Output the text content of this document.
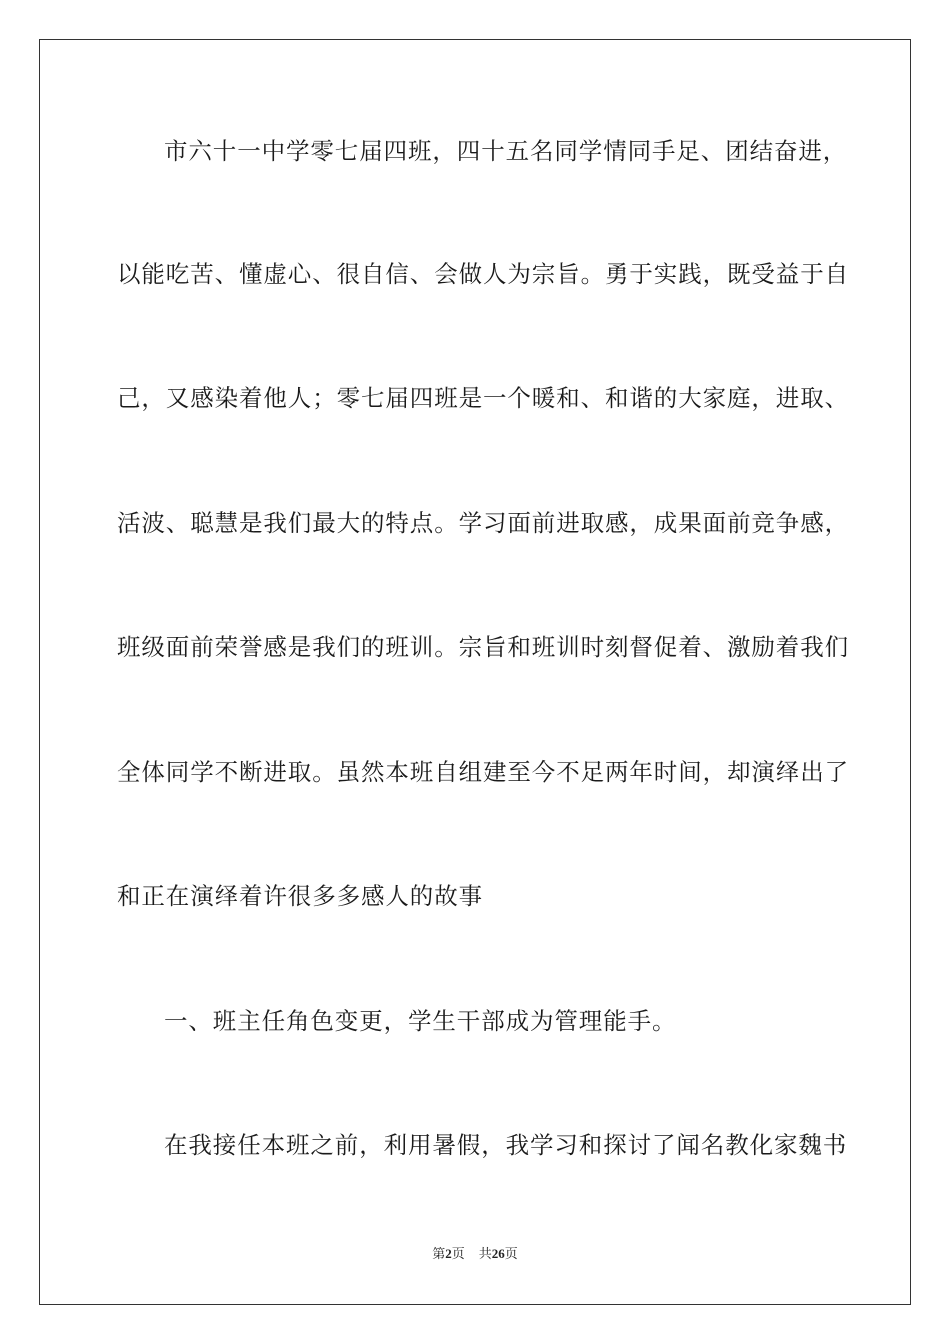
市六十一中学零七届四班，四十五名同学情同手足、团结奋进，
以能吃苦、懂虚心、很自信、会做人为宗旨。勇于实践，既受益于自
己，又感染着他人；零七届四班是一个暖和、和谐的大家庭，进取、
活波、聪慧是我们最大的特点。学习面前进取感，成果面前竞争感，
班级面前荣誉感是我们的班训。宗旨和班训时刻督促着、激励着我们
全体同学不断进取。虽然本班自组建至今不足两年时间，却演绎出了
和正在演绎着许很多多感人的故事
一、班主任角色变更，学生干部成为管理能手。
在我接任本班之前，利用暑假，我学习和探讨了闻名教化家魏书
第2页 共26页
